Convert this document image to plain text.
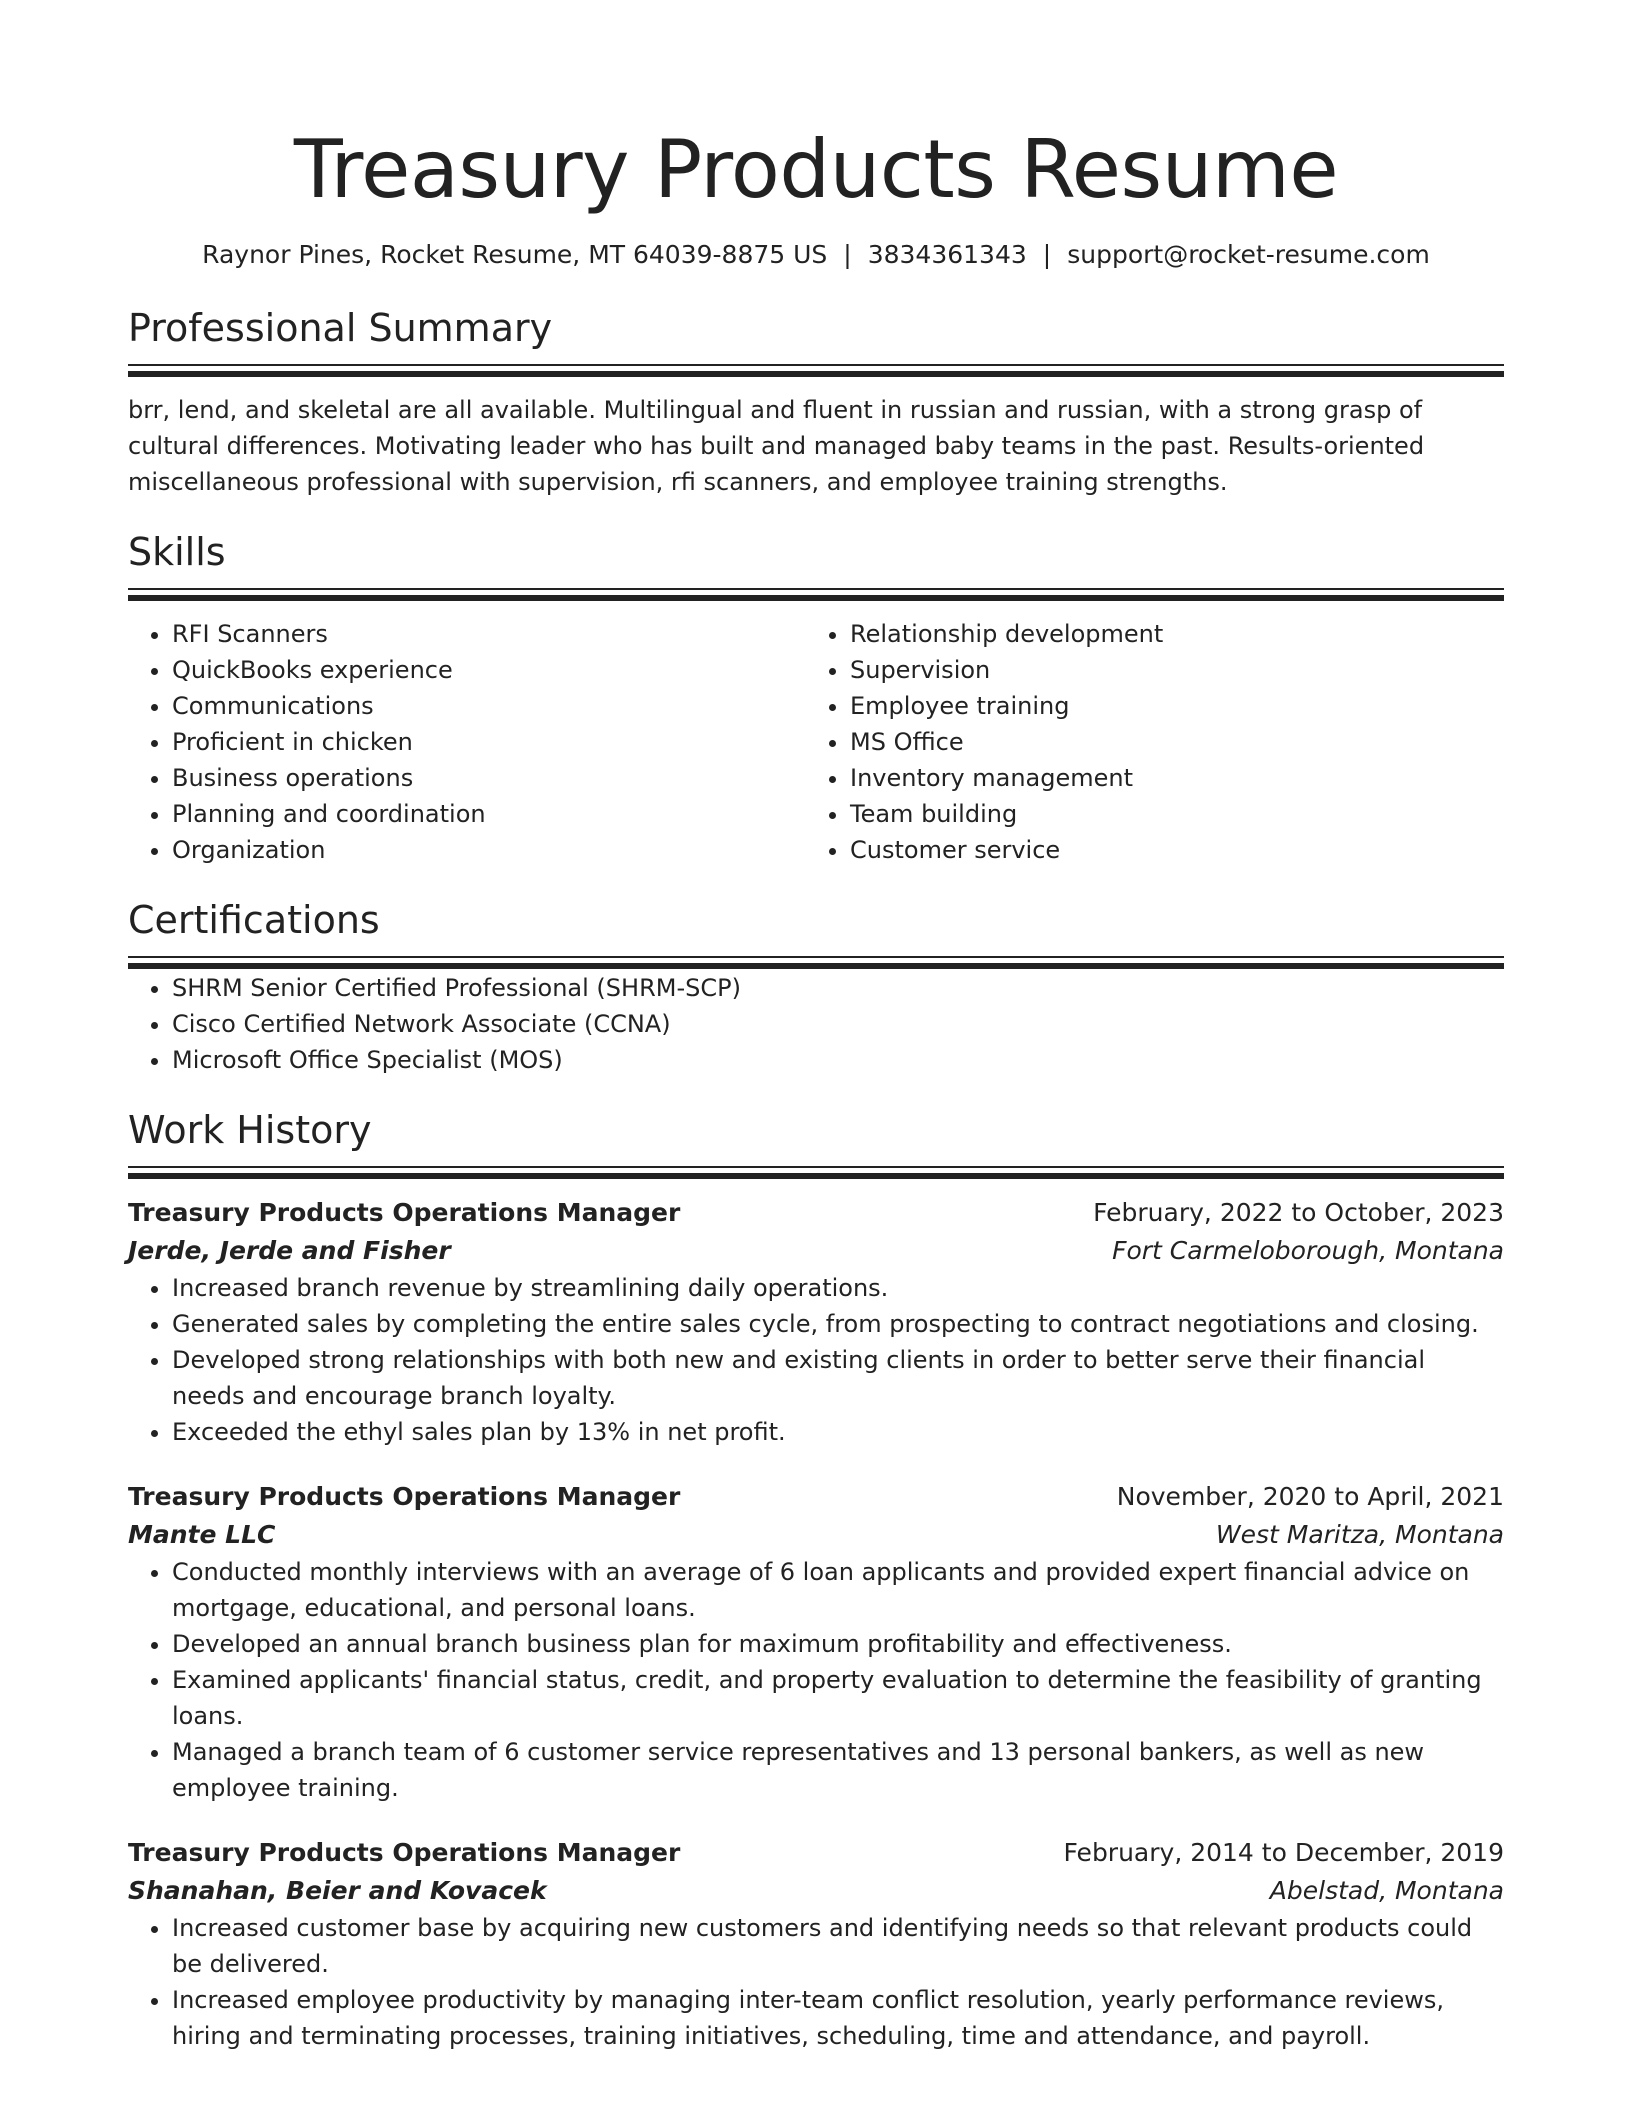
Treasury Products Resume
Raynor Pines, Rocket Resume, MT 64039-8875 US | 3834361343 | support@rocket-resume.com
Professional Summary
brr, lend, and skeletal are all available. Multilingual and fluent in russian and russian, with a strong grasp of cultural differences. Motivating leader who has built and managed baby teams in the past. Results-oriented miscellaneous professional with supervision, rfi scanners, and employee training strengths.
Skills
• RFI Scanners
• QuickBooks experience
• Communications
• Proficient in chicken
• Business operations
• Planning and coordination
• Organization
• Relationship development
• Supervision
• Employee training
• MS Office
• Inventory management
• Team building
• Customer service
Certifications
• SHRM Senior Certified Professional (SHRM-SCP)
• Cisco Certified Network Associate (CCNA)
• Microsoft Office Specialist (MOS)
Work History
Treasury Products Operations Manager	February, 2022 to October, 2023
Jerde, Jerde and Fisher	Fort Carmeloborough, Montana
• Increased branch revenue by streamlining daily operations.
• Generated sales by completing the entire sales cycle, from prospecting to contract negotiations and closing.
• Developed strong relationships with both new and existing clients in order to better serve their financial needs and encourage branch loyalty.
• Exceeded the ethyl sales plan by 13% in net profit.
Treasury Products Operations Manager	November, 2020 to April, 2021
Mante LLC	West Maritza, Montana
• Conducted monthly interviews with an average of 6 loan applicants and provided expert financial advice on mortgage, educational, and personal loans.
• Developed an annual branch business plan for maximum profitability and effectiveness.
• Examined applicants' financial status, credit, and property evaluation to determine the feasibility of granting loans.
• Managed a branch team of 6 customer service representatives and 13 personal bankers, as well as new employee training.
Treasury Products Operations Manager	February, 2014 to December, 2019
Shanahan, Beier and Kovacek	Abelstad, Montana
• Increased customer base by acquiring new customers and identifying needs so that relevant products could be delivered.
• Increased employee productivity by managing inter-team conflict resolution, yearly performance reviews, hiring and terminating processes, training initiatives, scheduling, time and attendance, and payroll.
